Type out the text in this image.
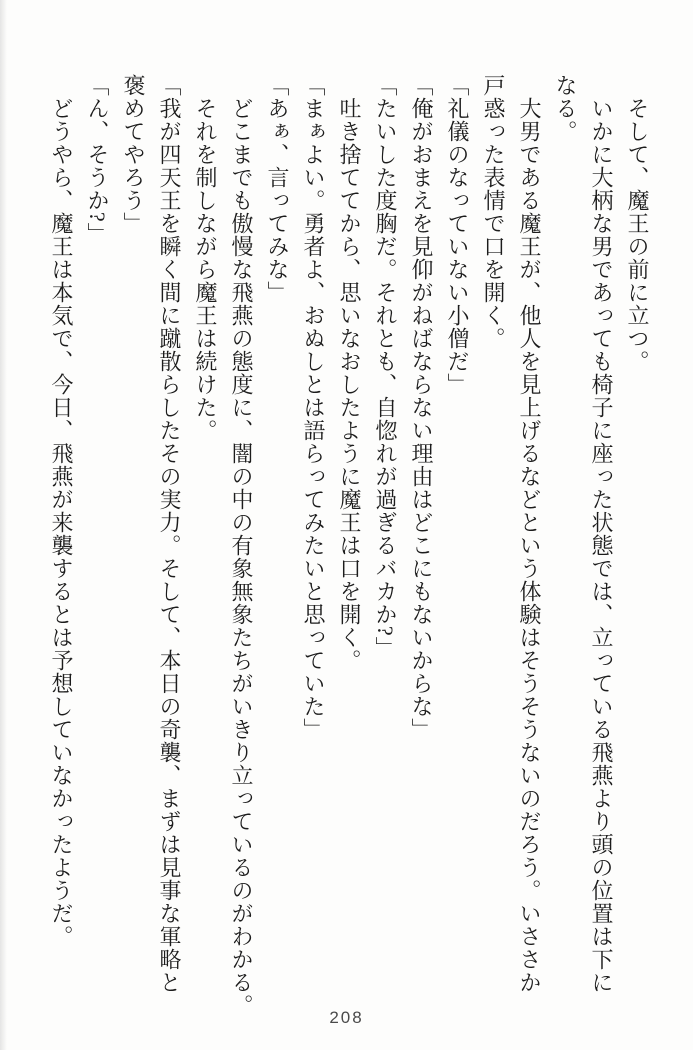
そして、魔王の前に立つ。
いかに大柄な男であっても椅子に座った状態では、立っている飛燕より頭の位置は下に
なる。
大男である魔王が、他人を見上げるなどという体験はそうそうないのだろう。いささか
戸惑った表情で口を開く。
「礼儀のなっていない小僧だ」
「俺がおまえを見仰がねばならない理由はどこにもないからな」
「たいした度胸だ。それとも、自惚れが過ぎるバカか?」
吐き捨ててから、思いなおしたように魔王は口を開く。
「まぁよい。勇者よ、おぬしとは語らってみたいと思っていた」
「あぁ、言ってみな」
どこまでも傲慢な飛燕の態度に、闇の中の有象無象たちがいきり立っているのがわかる。
それを制しながら魔王は続けた。
「我が四天王を瞬く間に蹴散らしたその実力。そして、本日の奇襲、まずは見事な軍略と
褒めてやろう」
「ん、そうか?」
どうやら、魔王は本気で、今日、飛燕が来襲するとは予想していなかったようだ。
208
